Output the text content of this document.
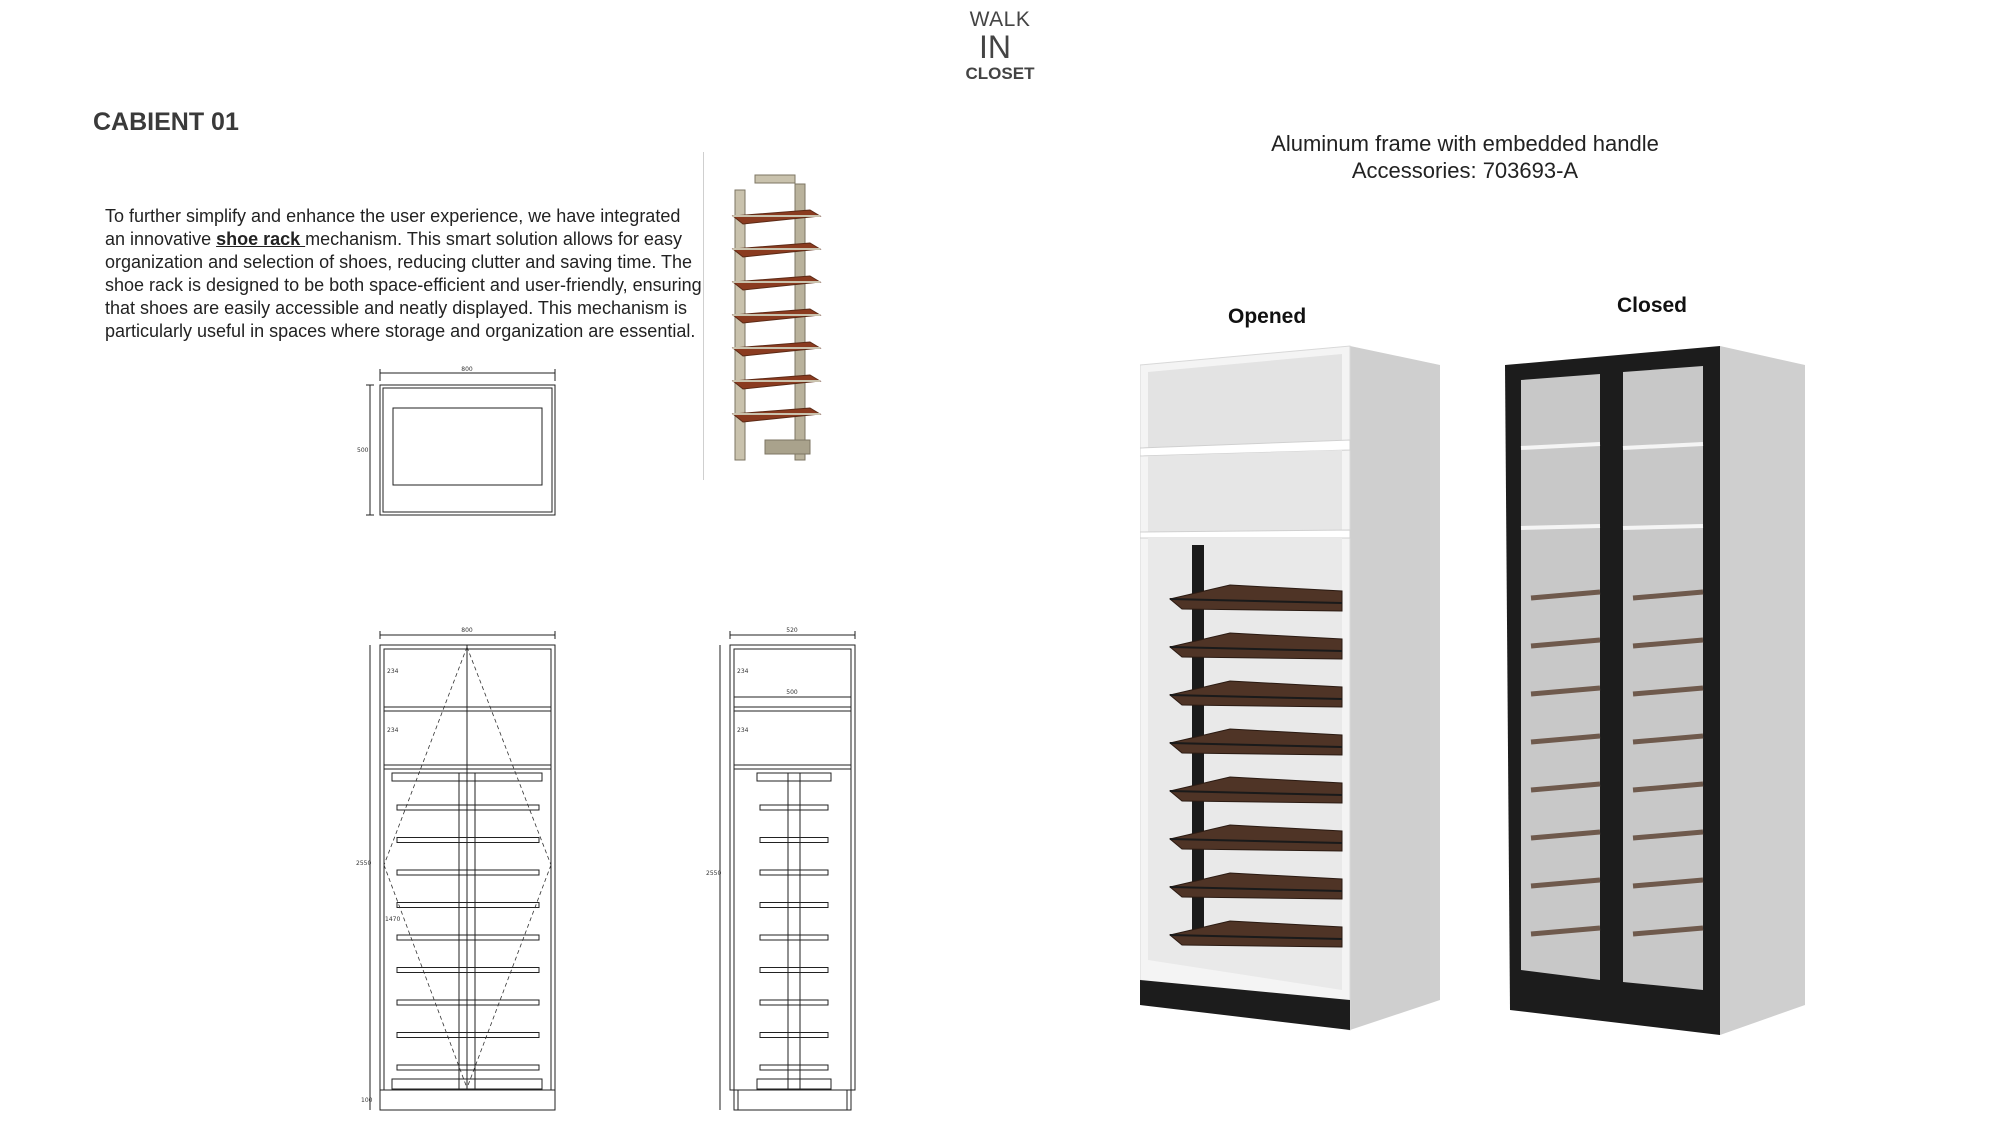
WALK
IN
CLOSET
CABIENT 01
To further simplify and enhance the user experience, we have integrated an innovative shoe rack mechanism. This smart solution allows for easy organization and selection of shoes, reducing clutter and saving time. The shoe rack is designed to be both space-efficient and user-friendly, ensuring that shoes are easily accessible and neatly displayed. This mechanism is particularly useful in spaces where storage and organization are essential.
Aluminum frame with embedded handle
Accessories: 703693-A
800
500
800
234
234
2550
1470
100
520
500
234
234
2550
Opened	Closed
